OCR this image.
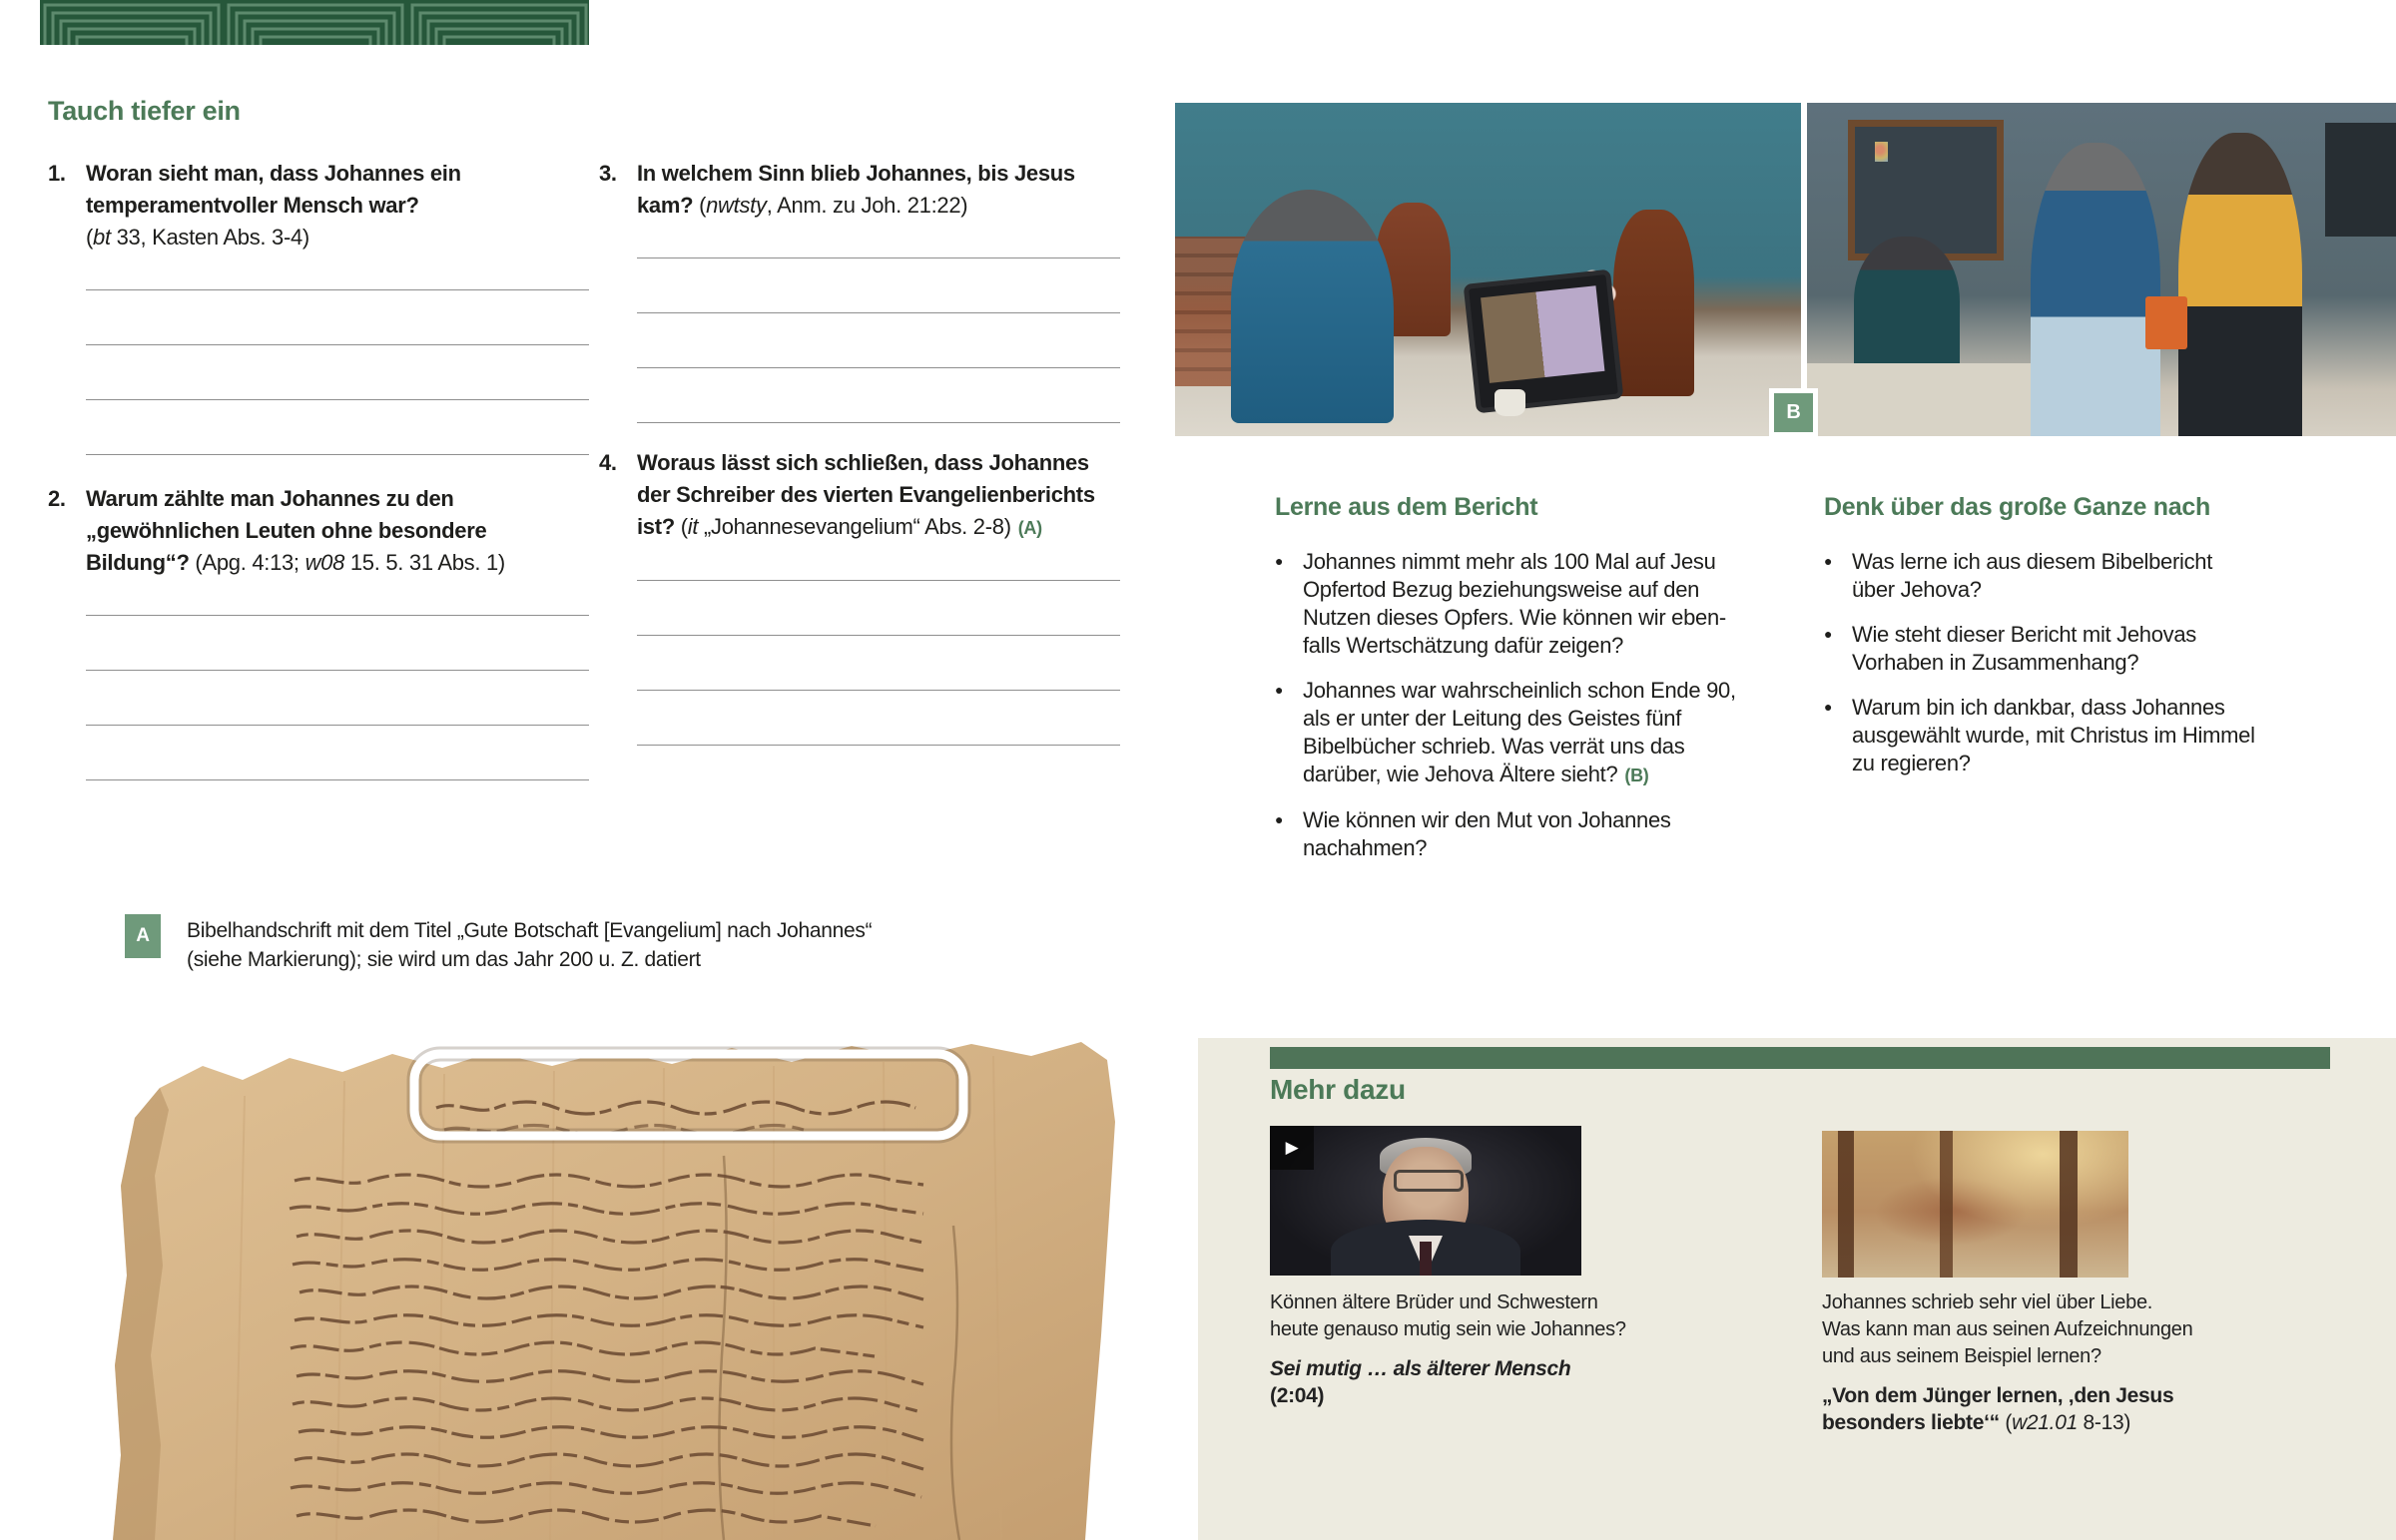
Tauch tiefer ein
1. Woran sieht man, dass Johannes ein
temperamentvoller Mensch war?
(bt 33, Kasten Abs. 3-4)
2. Warum zählte man Johannes zu den
„gewöhnlichen Leuten ohne besondere
Bildung“? (Apg. 4:13; w08 15. 5. 31 Abs. 1)
3. In welchem Sinn blieb Johannes, bis Jesus
kam? (nwtsty, Anm. zu Joh. 21:22)
4. Woraus lässt sich schließen, dass Johannes
der Schreiber des vierten Evangelienberichts
ist? (it „Johannesevangelium“ Abs. 2-8) (A)
B
Lerne aus dem Bericht
● Johannes nimmt mehr als 100 Mal auf Jesu
Opfertod Bezug beziehungsweise auf den
Nutzen dieses Opfers. Wie können wir eben-
falls Wertschätzung dafür zeigen?
● Johannes war wahrscheinlich schon Ende 90,
als er unter der Leitung des Geistes fünf
Bibelbücher schrieb. Was verrät uns das
darüber, wie Jehova Ältere sieht? (B)
● Wie können wir den Mut von Johannes
nachahmen?
Denk über das große Ganze nach
● Was lerne ich aus diesem Bibelbericht
über Jehova?
● Wie steht dieser Bericht mit Jehovas
Vorhaben in Zusammenhang?
● Warum bin ich dankbar, dass Johannes
ausgewählt wurde, mit Christus im Himmel
zu regieren?
A	Bibelhandschrift mit dem Titel „Gute Botschaft [Evangelium] nach Johannes“
(siehe Markierung); sie wird um das Jahr 200 u. Z. datiert
Mehr dazu
▶
Können ältere Brüder und Schwestern
heute genauso mutig sein wie Johannes?
Sei mutig … als älterer Mensch
(2:04)
Johannes schrieb sehr viel über Liebe.
Was kann man aus seinen Aufzeichnungen
und aus seinem Beispiel lernen?
„Von dem Jünger lernen, ‚den Jesus
besonders liebte‘“ (w21.01 8-13)
